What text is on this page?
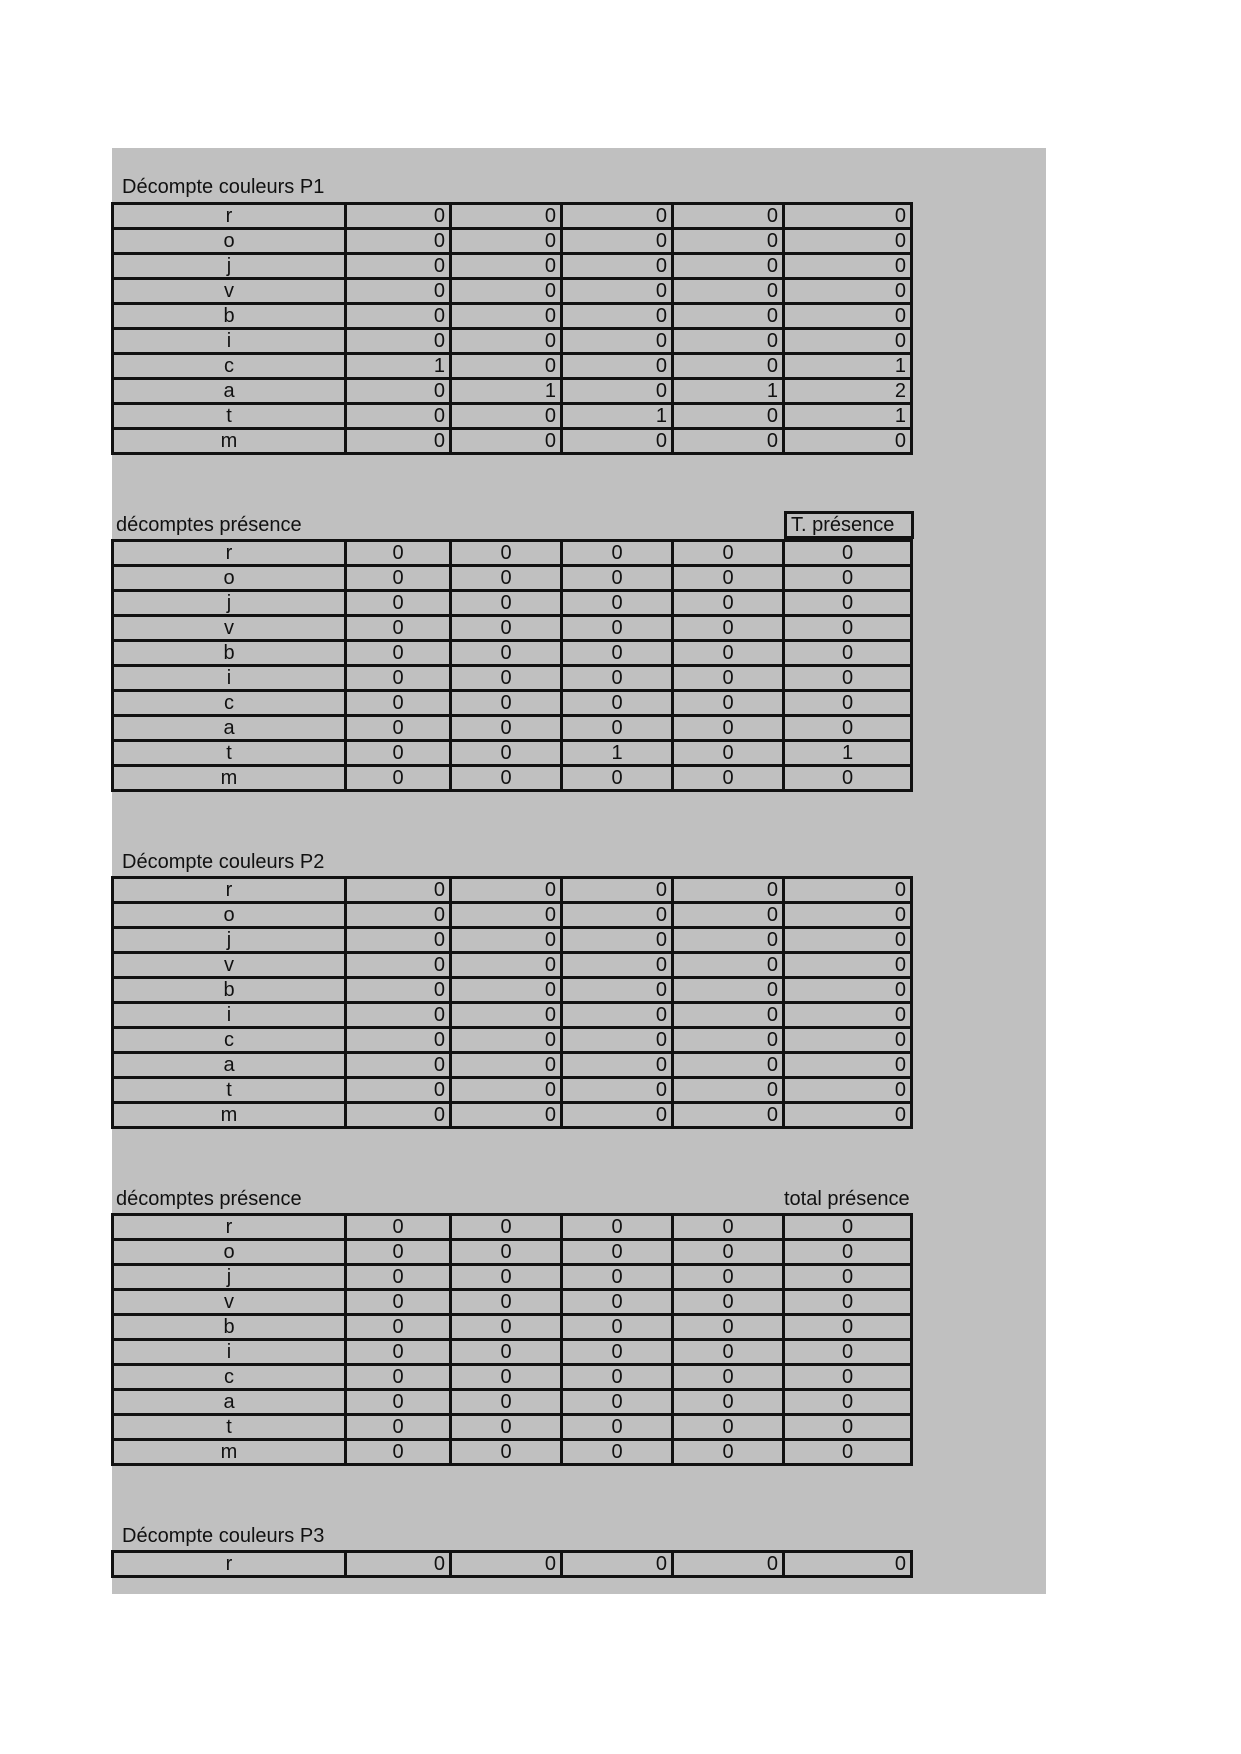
Décompte couleurs P1
r	0	0	0	0	0
o	0	0	0	0	0
j	0	0	0	0	0
v	0	0	0	0	0
b	0	0	0	0	0
i	0	0	0	0	0
c	1	0	0	0	1
a	0	1	0	1	2
t	0	0	1	0	1
m	0	0	0	0	0
décomptes présence	T. présence
r	0	0	0	0	0
o	0	0	0	0	0
j	0	0	0	0	0
v	0	0	0	0	0
b	0	0	0	0	0
i	0	0	0	0	0
c	0	0	0	0	0
a	0	0	0	0	0
t	0	0	1	0	1
m	0	0	0	0	0
Décompte couleurs P2
r	0	0	0	0	0
o	0	0	0	0	0
j	0	0	0	0	0
v	0	0	0	0	0
b	0	0	0	0	0
i	0	0	0	0	0
c	0	0	0	0	0
a	0	0	0	0	0
t	0	0	0	0	0
m	0	0	0	0	0
décomptes présence	total présence
r	0	0	0	0	0
o	0	0	0	0	0
j	0	0	0	0	0
v	0	0	0	0	0
b	0	0	0	0	0
i	0	0	0	0	0
c	0	0	0	0	0
a	0	0	0	0	0
t	0	0	0	0	0
m	0	0	0	0	0
Décompte couleurs P3
r	0	0	0	0	0
